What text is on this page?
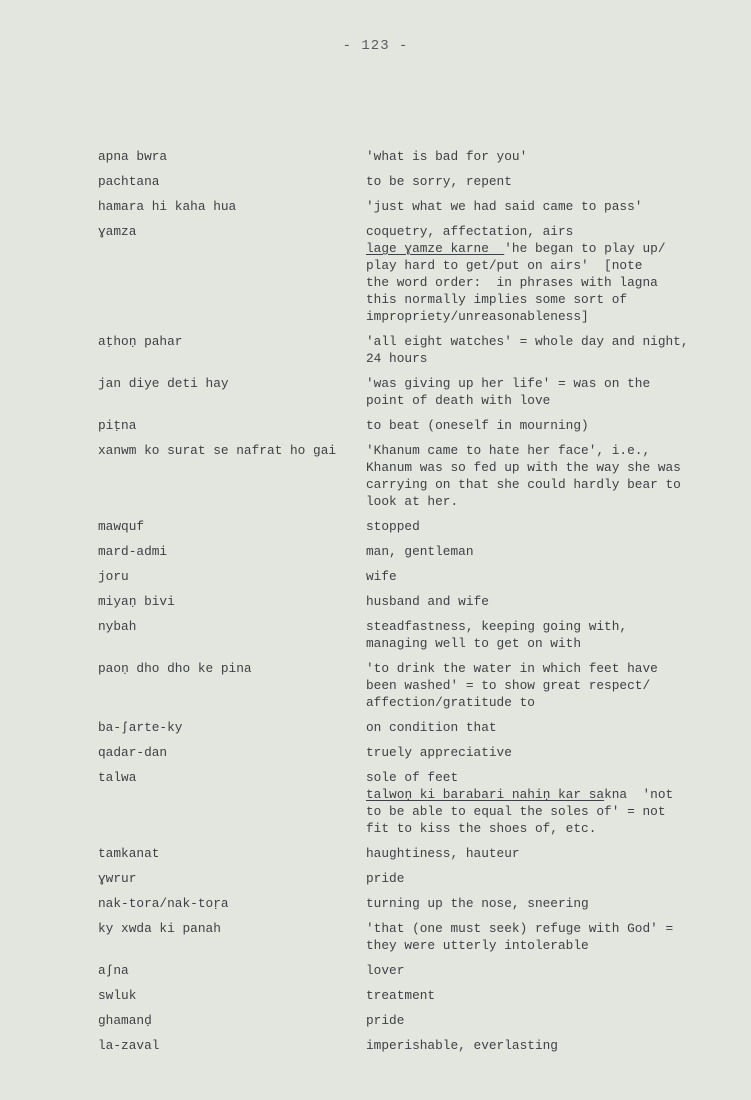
- 123 -
apna bwra	'what is bad for you'
pachtana	to be sorry, repent
hamara hi kaha hua	'just what we had said came to pass'
ɣamza	coquetry, affectation, airs
lage ɣamze karne  'he began to play up/
play hard to get/put on airs'  [note
the word order:  in phrases with lagna
this normally implies some sort of
impropriety/unreasonableness]
aṭhoṇ pahar	'all eight watches' = whole day and night,
24 hours
jan diye deti hay	'was giving up her life' = was on the
point of death with love
piṭna	to beat (oneself in mourning)
xanwm ko surat se nafrat ho gai	'Khanum came to hate her face', i.e.,
Khanum was so fed up with the way she was
carrying on that she could hardly bear to
look at her.
mawquf	stopped
mard-admi	man, gentleman
joru	wife
miyaṇ bivi	husband and wife
nybah	steadfastness, keeping going with,
managing well to get on with
paoṇ dho dho ke pina	'to drink the water in which feet have
been washed' = to show great respect/
affection/gratitude to
ba-ʃarte-ky	on condition that
qadar-dan	truely appreciative
talwa	sole of feet
talwoṇ ki barabari nahiṇ kar sakna  'not
to be able to equal the soles of' = not
fit to kiss the shoes of, etc.
tamkanat	haughtiness, hauteur
ɣwrur	pride
nak-tora/nak-toṛa	turning up the nose, sneering
ky xwda ki panah	'that (one must seek) refuge with God' =
they were utterly intolerable
aʃna	lover
swluk	treatment
ghamanḍ	pride
la-zaval	imperishable, everlasting
